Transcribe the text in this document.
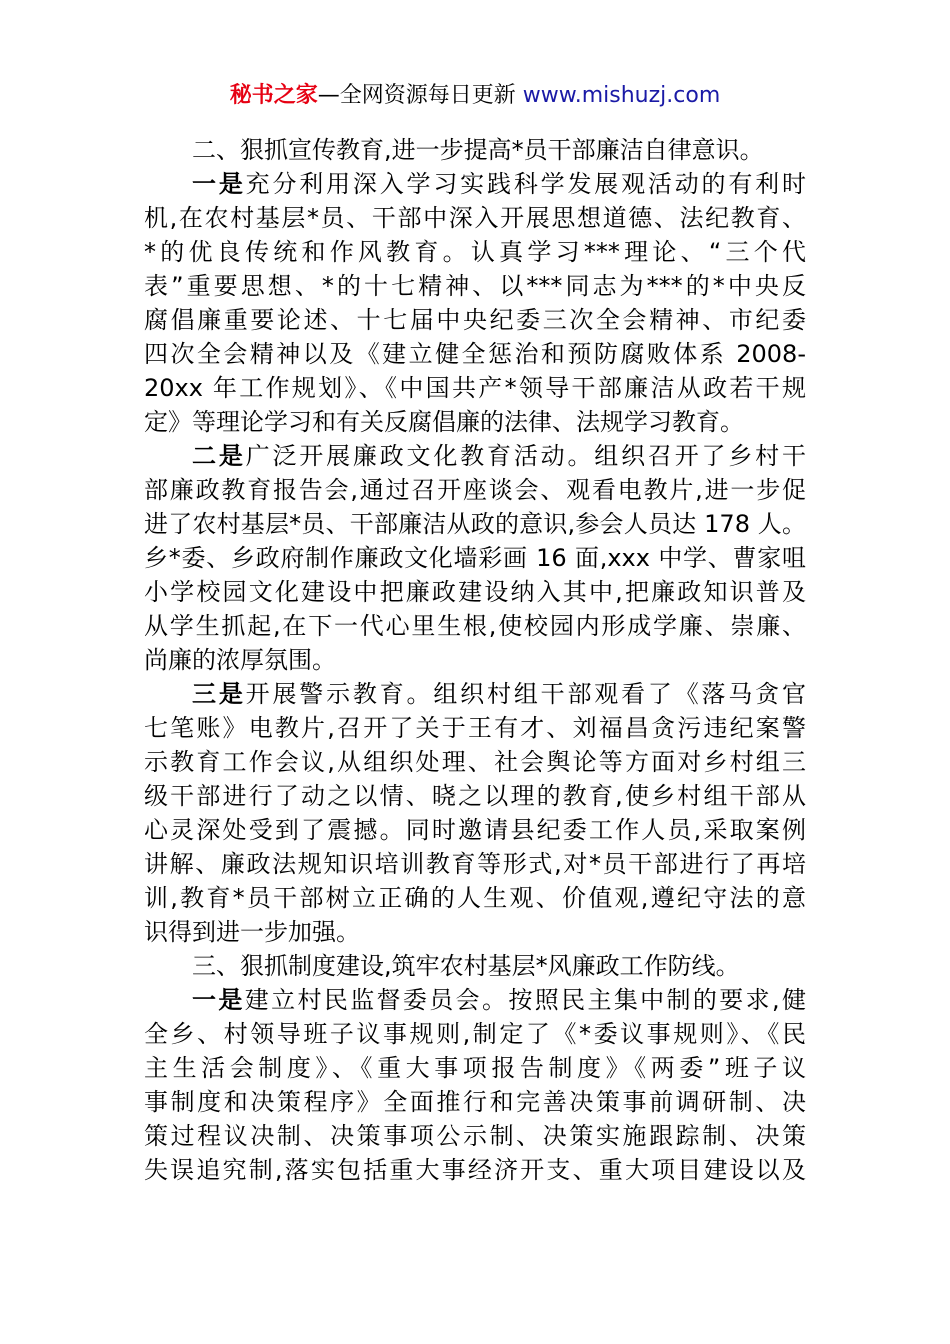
秘书之家—全网资源每日更新 www.mishuzj.com
二、狠抓宣传教育,进一步提高*员干部廉洁自律意识。
一是充分利用深入学习实践科学发展观活动的有利时
机,在农村基层*员、干部中深入开展思想道德、法纪教育、
*的优良传统和作风教育。认真学习***理论、“三个代
表”重要思想、*的十七精神、以***同志为***的*中央反
腐倡廉重要论述、十七届中央纪委三次全会精神、市纪委
四次全会精神以及《建立健全惩治和预防腐败体系 2008-
20xx 年工作规划》、《中国共产*领导干部廉洁从政若干规
定》等理论学习和有关反腐倡廉的法律、法规学习教育。
二是广泛开展廉政文化教育活动。组织召开了乡村干
部廉政教育报告会,通过召开座谈会、观看电教片,进一步促
进了农村基层*员、干部廉洁从政的意识,参会人员达 178 人。
乡*委、乡政府制作廉政文化墙彩画 16 面,xxx 中学、曹家咀
小学校园文化建设中把廉政建设纳入其中,把廉政知识普及
从学生抓起,在下一代心里生根,使校园内形成学廉、崇廉、
尚廉的浓厚氛围。
三是开展警示教育。组织村组干部观看了《落马贪官
七笔账》电教片,召开了关于王有才、刘福昌贪污违纪案警
示教育工作会议,从组织处理、社会舆论等方面对乡村组三
级干部进行了动之以情、晓之以理的教育,使乡村组干部从
心灵深处受到了震撼。同时邀请县纪委工作人员,采取案例
讲解、廉政法规知识培训教育等形式,对*员干部进行了再培
训,教育*员干部树立正确的人生观、价值观,遵纪守法的意
识得到进一步加强。
三、狠抓制度建设,筑牢农村基层*风廉政工作防线。
一是建立村民监督委员会。按照民主集中制的要求,健
全乡、村领导班子议事规则,制定了《*委议事规则》、《民
主生活会制度》、《重大事项报告制度》《两委”班子议
事制度和决策程序》全面推行和完善决策事前调研制、决
策过程议决制、决策事项公示制、决策实施跟踪制、决策
失误追究制,落实包括重大事经济开支、重大项目建设以及
